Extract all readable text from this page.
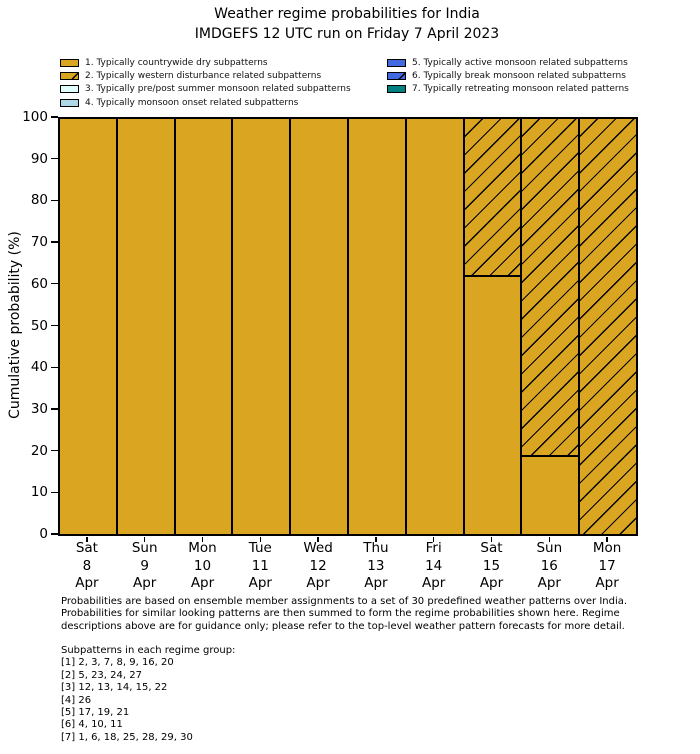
Weather regime probabilities for India
IMDGEFS 12 UTC run on Friday 7 April 2023
1. Typically countrywide dry subpatterns
2. Typically western disturbance related subpatterns
3. Typically pre/post summer monsoon related subpatterns
4. Typically monsoon onset related subpatterns
5. Typically active monsoon related subpatterns
6. Typically break monsoon related subpatterns
7. Typically retreating monsoon related patterns
Cumulative probability (%)
Sat
8
Apr
Sun
9
Apr
Mon
10
Apr
Tue
11
Apr
Wed
12
Apr
Thu
13
Apr
Fri
14
Apr
Sat
15
Apr
Sun
16
Apr
Mon
17
Apr
Probabilities are based on ensemble member assignments to a set of 30 predefined weather patterns over India.
Probabilities for similar looking patterns are then summed to form the regime probabilities shown here. Regime
descriptions above are for guidance only; please refer to the top-level weather pattern forecasts for more detail.
Subpatterns in each regime group:
[1] 2, 3, 7, 8, 9, 16, 20
[2] 5, 23, 24, 27
[3] 12, 13, 14, 15, 22
[4] 26
[5] 17, 19, 21
[6] 4, 10, 11
[7] 1, 6, 18, 25, 28, 29, 30
0
10
20
30
40
50
60
70
80
90
100
